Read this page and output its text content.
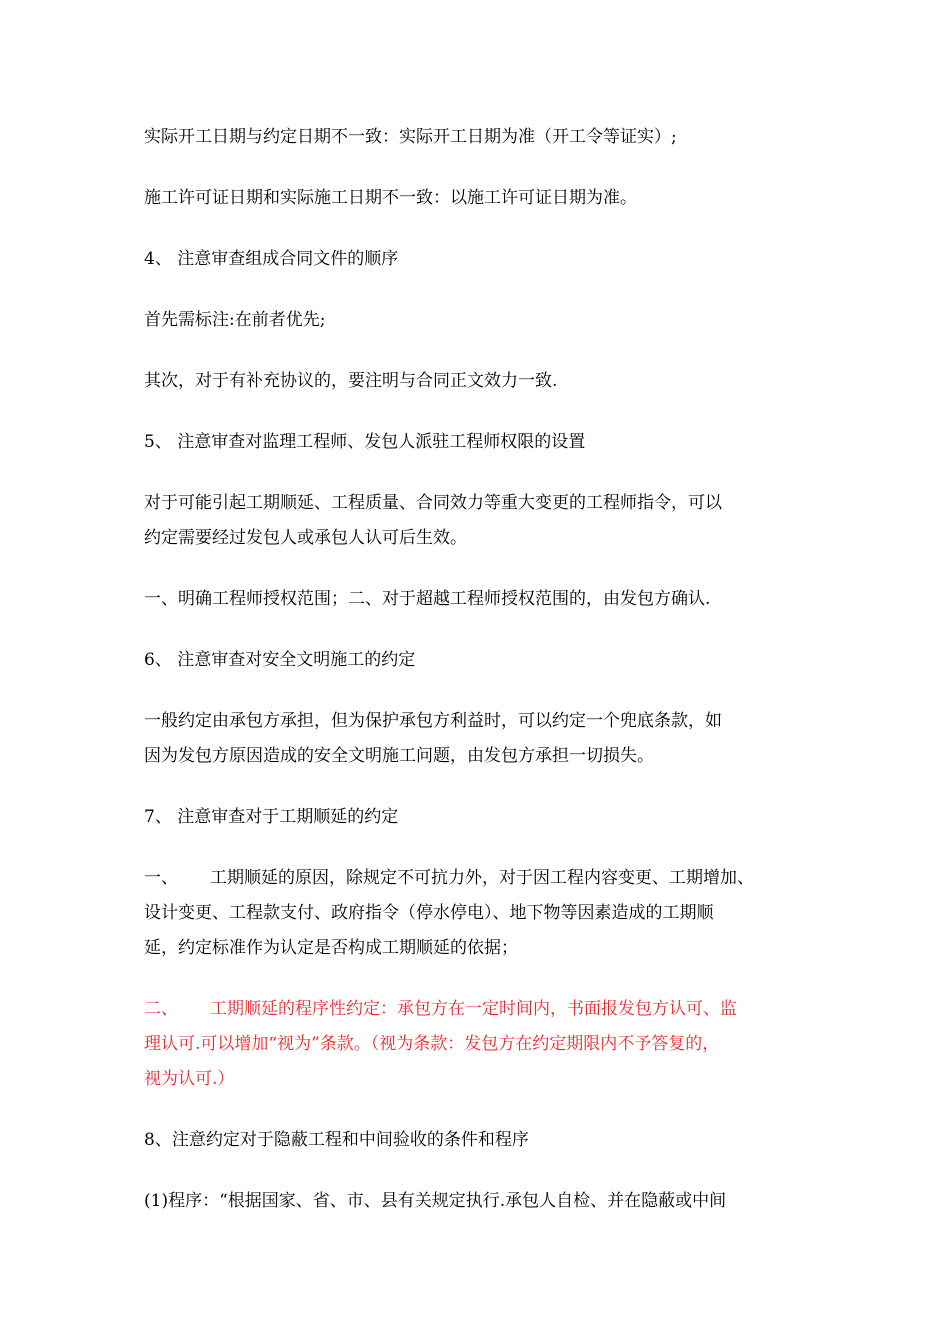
实际开工日期与约定日期不一致：实际开工日期为准（开工令等证实）;

施工许可证日期和实际施工日期不一致：以施工许可证日期为准。

4、 注意审查组成合同文件的顺序

首先需标注:在前者优先;

其次，对于有补充协议的，要注明与合同正文效力一致.

5、 注意审查对监理工程师、发包人派驻工程师权限的设置

对于可能引起工期顺延、工程质量、合同效力等重大变更的工程师指令，可以
约定需要经过发包人或承包人认可后生效。

一、明确工程师授权范围；二、对于超越工程师授权范围的，由发包方确认.

6、 注意审查对安全文明施工的约定

一般约定由承包方承担，但为保护承包方利益时，可以约定一个兜底条款，如
因为发包方原因造成的安全文明施工问题，由发包方承担一切损失。

7、 注意审查对于工期顺延的约定

一、 工期顺延的原因，除规定不可抗力外，对于因工程内容变更、工期增加、
设计变更、工程款支付、政府指令（停水停电）、地下物等因素造成的工期顺
延，约定标准作为认定是否构成工期顺延的依据；

二、 工期顺延的程序性约定：承包方在一定时间内，书面报发包方认可、监
理认可.可以增加“视为”条款。（视为条款：发包方在约定期限内不予答复的，
视为认可.）

8、注意约定对于隐蔽工程和中间验收的条件和程序

(1)程序：“根据国家、省、市、县有关规定执行.承包人自检、并在隐蔽或中间
